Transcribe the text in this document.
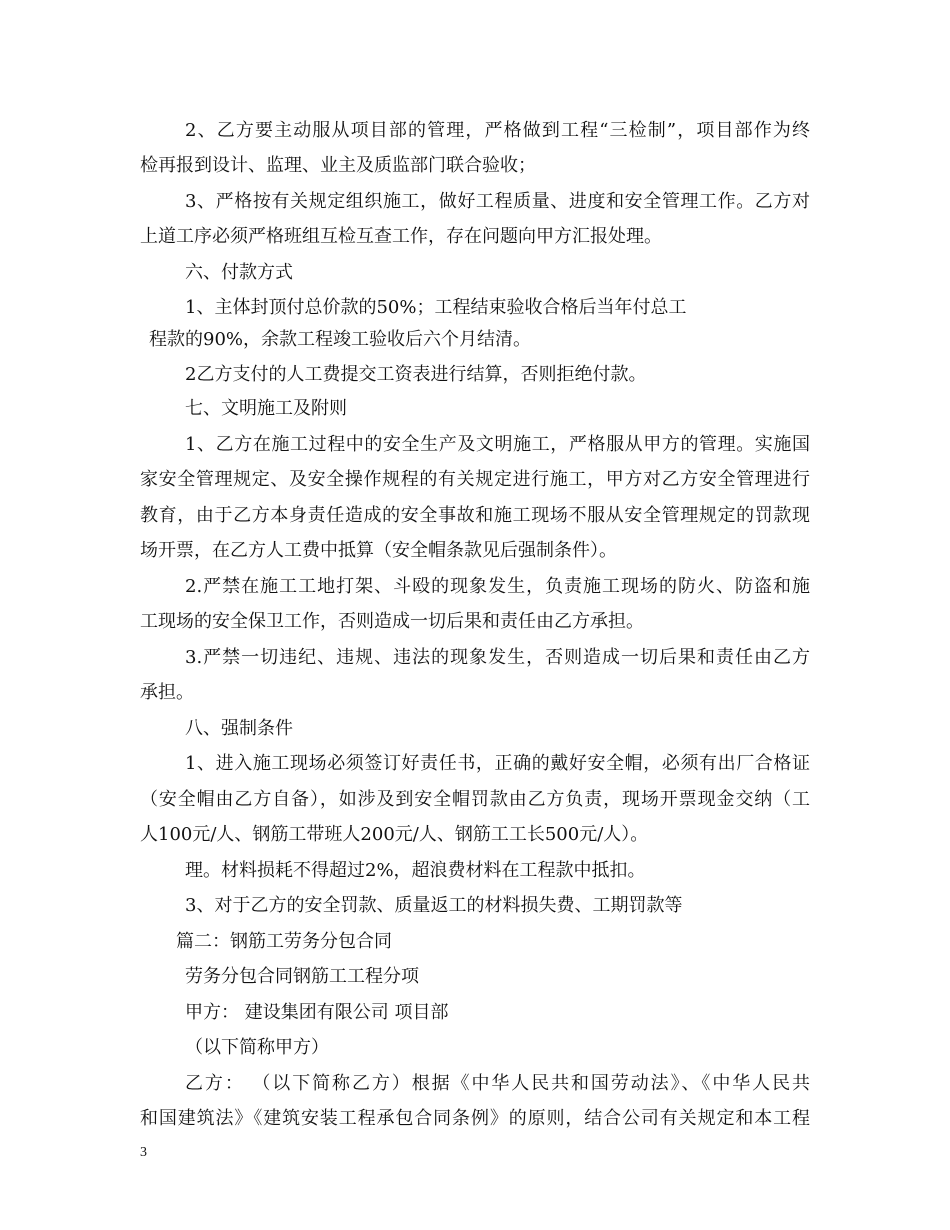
2、乙方要主动服从项目部的管理，严格做到工程“三检制”，项目部作为终
检再报到设计、监理、业主及质监部门联合验收；
3、严格按有关规定组织施工，做好工程质量、进度和安全管理工作。乙方对
上道工序必须严格班组互检互查工作，存在问题向甲方汇报处理。
六、付款方式
1、主体封顶付总价款的50%；工程结束验收合格后当年付总工
程款的90%，余款工程竣工验收后六个月结清。
2乙方支付的人工费提交工资表进行结算，否则拒绝付款。
七、文明施工及附则
1、乙方在施工过程中的安全生产及文明施工，严格服从甲方的管理。实施国
家安全管理规定、及安全操作规程的有关规定进行施工，甲方对乙方安全管理进行
教育，由于乙方本身责任造成的安全事故和施工现场不服从安全管理规定的罚款现
场开票，在乙方人工费中抵算（安全帽条款见后强制条件）。
2.严禁在施工工地打架、斗殴的现象发生，负责施工现场的防火、防盗和施
工现场的安全保卫工作，否则造成一切后果和责任由乙方承担。
3.严禁一切违纪、违规、违法的现象发生，否则造成一切后果和责任由乙方
承担。
八、强制条件
1、进入施工现场必须签订好责任书，正确的戴好安全帽，必须有出厂合格证
（安全帽由乙方自备），如涉及到安全帽罚款由乙方负责，现场开票现金交纳（工
人100元/人、钢筋工带班人200元/人、钢筋工工长500元/人）。
理。材料损耗不得超过2%，超浪费材料在工程款中抵扣。
3、对于乙方的安全罚款、质量返工的材料损失费、工期罚款等
篇二：钢筋工劳务分包合同
劳务分包合同钢筋工工程分项
甲方： 建设集团有限公司 项目部
（以下简称甲方）
乙方： （以下简称乙方）根据《中华人民共和国劳动法》、《中华人民共
和国建筑法》《建筑安装工程承包合同条例》的原则，结合公司有关规定和本工程
3
